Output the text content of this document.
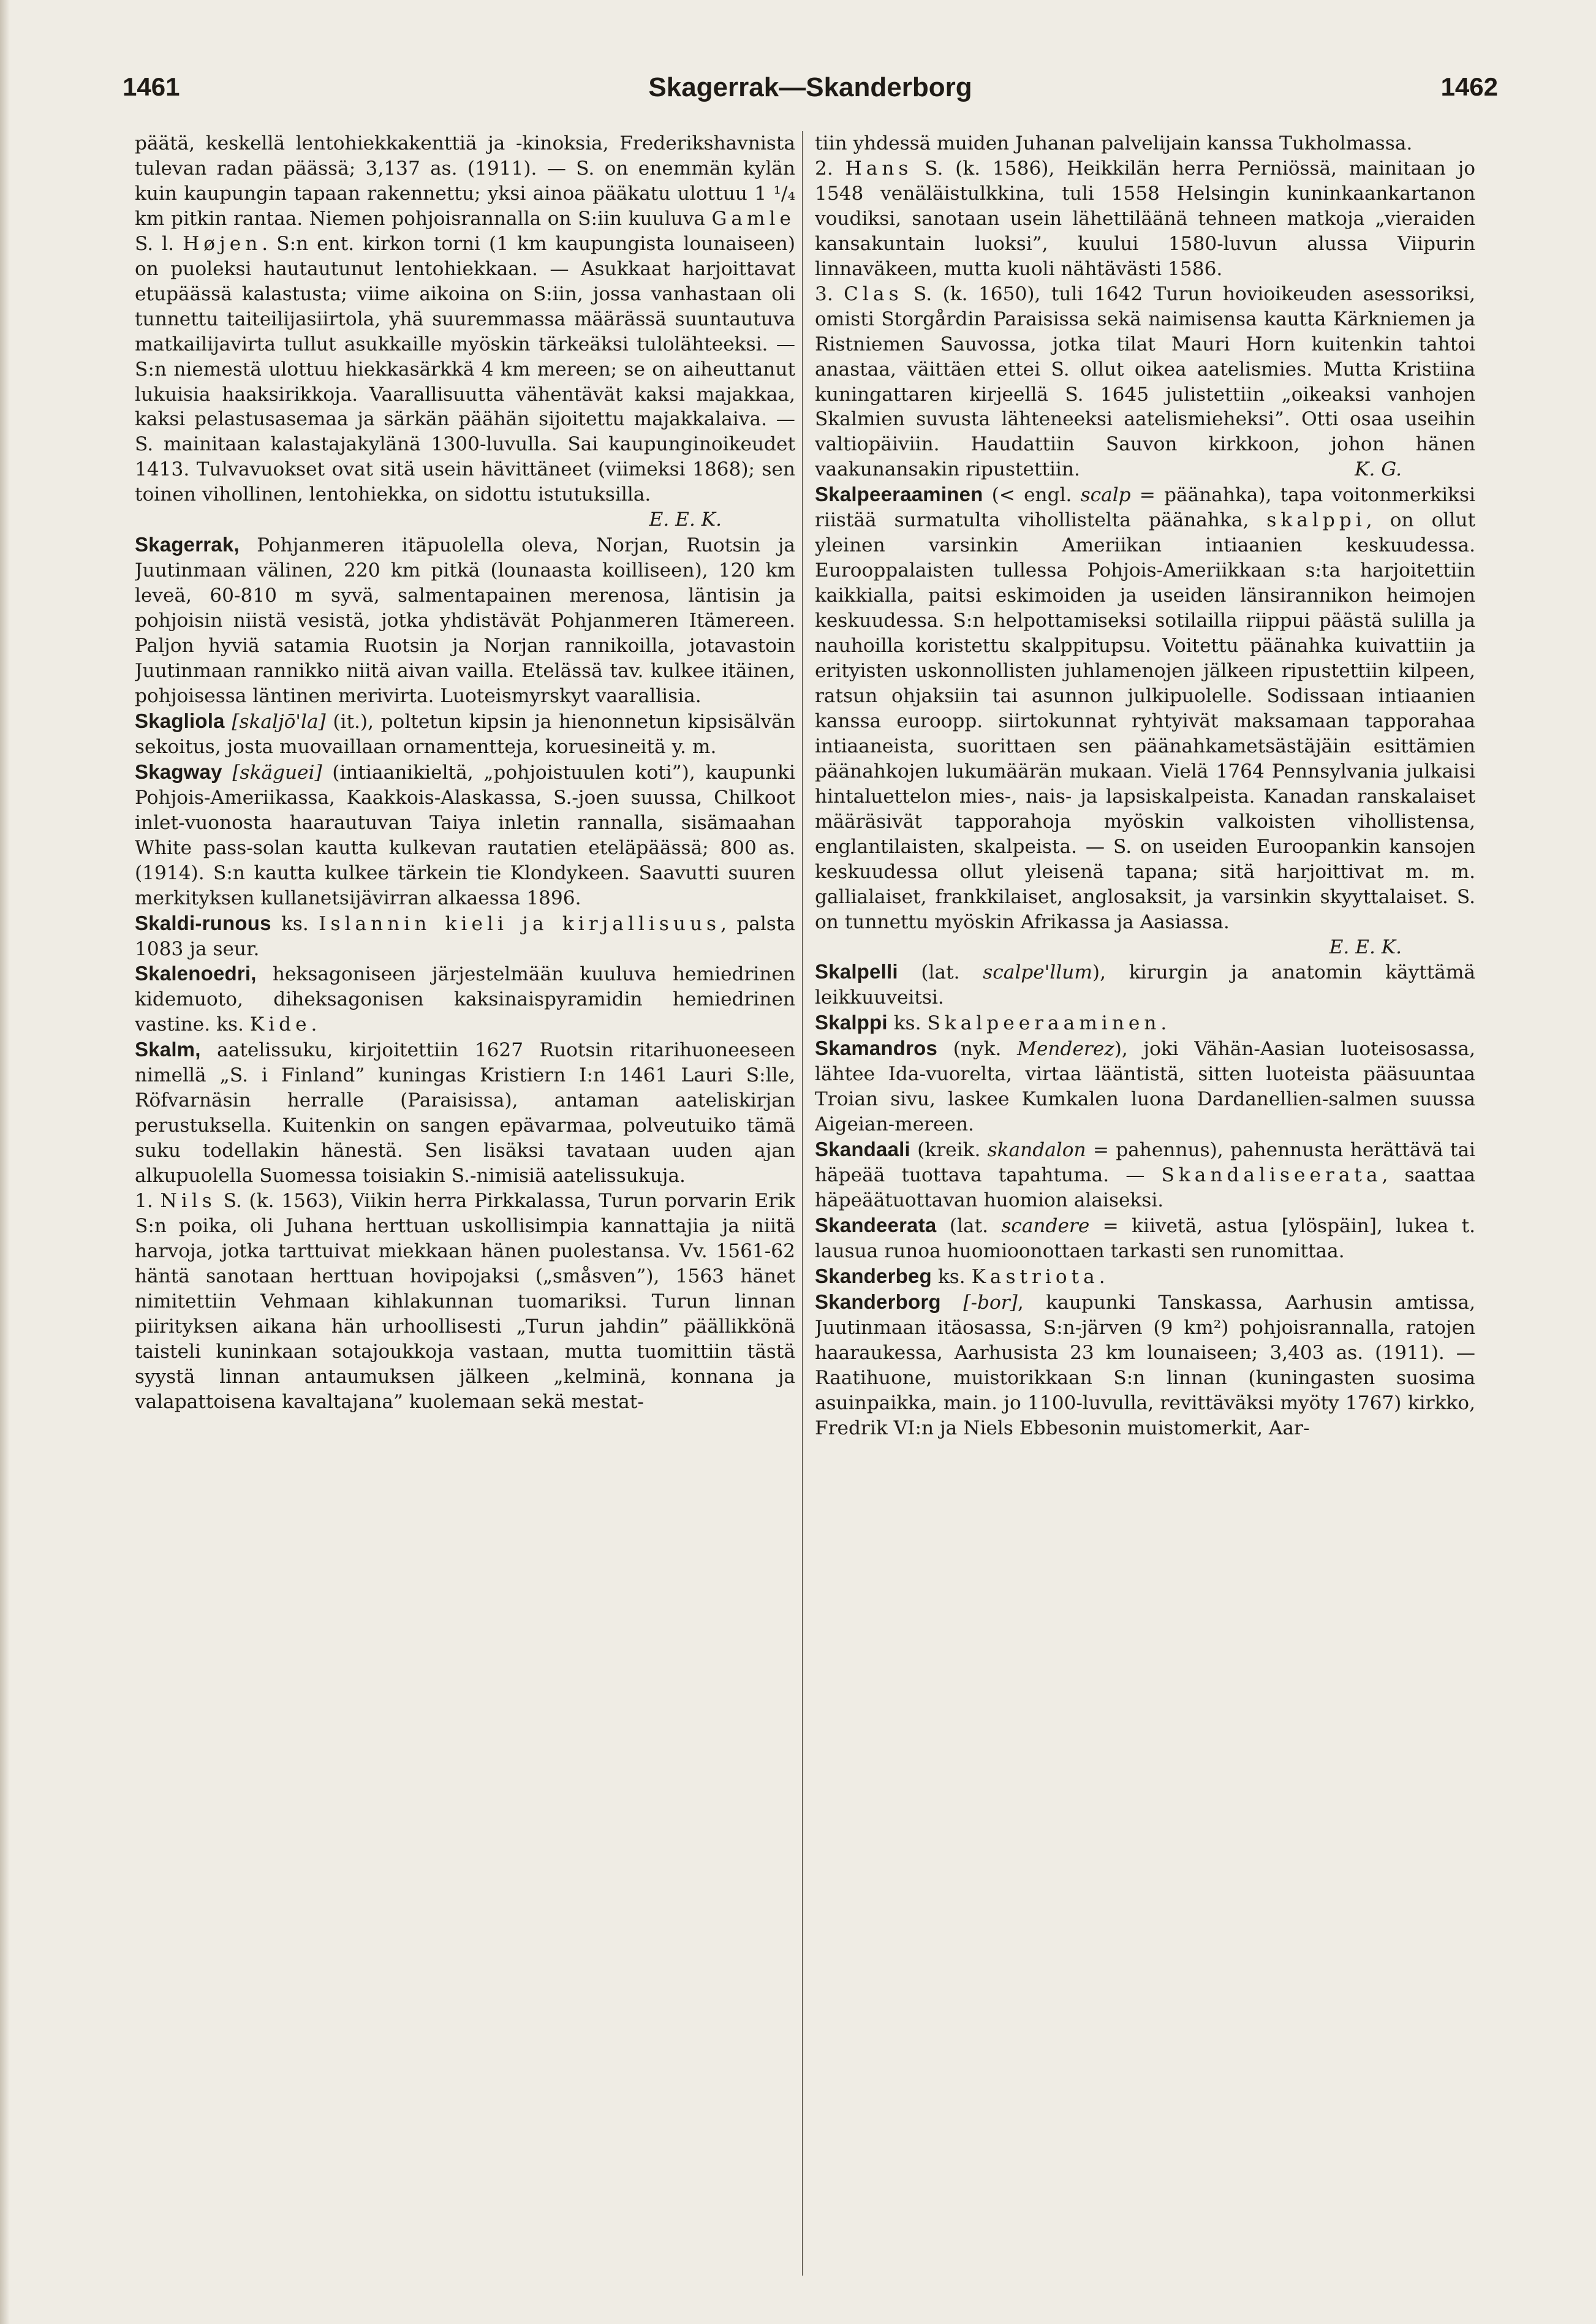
1461	Skagerrak—Skanderborg	1462

päätä, keskellä lentohiekkakenttiä ja -kinoksia, Frederikshavnista tulevan radan päässä; 3,137 as. (1911). — S. on enemmän kylän kuin kaupungin tapaan rakennettu; yksi ainoa pääkatu ulottuu 1 ¹/₄ km pitkin rantaa. Niemen pohjoisrannalla on S:iin kuuluva Gamle S. l. Højen. S:n ent. kirkon torni (1 km kaupungista lounaiseen) on puoleksi hautautunut lentohiekkaan. — Asukkaat harjoittavat etupäässä kalastusta; viime aikoina on S:iin, jossa vanhastaan oli tunnettu taiteilijasiirtola, yhä suuremmassa määrässä suuntautuva matkailijavirta tullut asukkaille myöskin tärkeäksi tulolähteeksi. — S:n niemestä ulottuu hiekkasärkkä 4 km mereen; se on aiheuttanut lukuisia haaksirikkoja. Vaarallisuutta vähentävät kaksi majakkaa, kaksi pelastusasemaa ja särkän päähän sijoitettu majakkalaiva. — S. mainitaan kalastajakylänä 1300-luvulla. Sai kaupunginoikeudet 1413. Tulvavuokset ovat sitä usein hävittäneet (viimeksi 1868); sen toinen vihollinen, lentohiekka, on sidottu istutuksilla.

E. E. K.

Skagerrak, Pohjanmeren itäpuolella oleva, Norjan, Ruotsin ja Juutinmaan välinen, 220 km pitkä (lounaasta koilliseen), 120 km leveä, 60-810 m syvä, salmentapainen merenosa, läntisin ja pohjoisin niistä vesistä, jotka yhdistävät Pohjanmeren Itämereen. Paljon hyviä satamia Ruotsin ja Norjan rannikoilla, jotavastoin Juutinmaan rannikko niitä aivan vailla. Etelässä tav. kulkee itäinen, pohjoisessa läntinen merivirta. Luoteismyrskyt vaarallisia.

Skagliola [skaljō'la] (it.), poltetun kipsin ja hienonnetun kipsisälvän sekoitus, josta muovaillaan ornamentteja, koruesineitä y. m.

Skagway [skäguei] (intiaanikieltä, „pohjoistuulen koti”), kaupunki Pohjois-Ameriikassa, Kaakkois-Alaskassa, S.-joen suussa, Chilkoot inlet-vuonosta haarautuvan Taiya inletin rannalla, sisämaahan White pass-solan kautta kulkevan rautatien eteläpäässä; 800 as. (1914). S:n kautta kulkee tärkein tie Klondykeen. Saavutti suuren merkityksen kullanetsijävirran alkaessa 1896.

Skaldi-runous ks. Islannin kieli ja kirjallisuus, palsta 1083 ja seur.

Skalenoedri, heksagoniseen järjestelmään kuuluva hemiedrinen kidemuoto, diheksagonisen kaksinaispyramidin hemiedrinen vastine. ks. Kide.

Skalm, aatelissuku, kirjoitettiin 1627 Ruotsin ritarihuoneeseen nimellä „S. i Finland” kuningas Kristiern I:n 1461 Lauri S:lle, Röfvarnäsin herralle (Paraisissa), antaman aateliskirjan perustuksella. Kuitenkin on sangen epävarmaa, polveutuiko tämä suku todellakin hänestä. Sen lisäksi tavataan uuden ajan alkupuolella Suomessa toisiakin S.-nimisiä aatelissukuja.

1. Nils S. (k. 1563), Viikin herra Pirkkalassa, Turun porvarin Erik S:n poika, oli Juhana herttuan uskollisimpia kannattajia ja niitä harvoja, jotka tarttuivat miekkaan hänen puolestansa. Vv. 1561-62 häntä sanotaan herttuan hovipojaksi („småsven”), 1563 hänet nimitettiin Vehmaan kihlakunnan tuomariksi. Turun linnan piirityksen aikana hän urhoollisesti „Turun jahdin” päällikkönä taisteli kuninkaan sotajoukkoja vastaan, mutta tuomittiin tästä syystä linnan antaumuksen jälkeen „kelminä, konnana ja valapattoisena kavaltajana” kuolemaan sekä mestat-

tiin yhdessä muiden Juhanan palvelijain kanssa Tukholmassa.

2. Hans S. (k. 1586), Heikkilän herra Perniössä, mainitaan jo 1548 venäläistulkkina, tuli 1558 Helsingin kuninkaankartanon voudiksi, sanotaan usein lähettiläänä tehneen matkoja „vieraiden kansakuntain luoksi”, kuului 1580-luvun alussa Viipurin linnaväkeen, mutta kuoli nähtävästi 1586.

3. Clas S. (k. 1650), tuli 1642 Turun hovioikeuden asessoriksi, omisti Storgårdin Paraisissa sekä naimisensa kautta Kärkniemen ja Ristniemen Sauvossa, jotka tilat Mauri Horn kuitenkin tahtoi anastaa, väittäen ettei S. ollut oikea aatelismies. Mutta Kristiina kuningattaren kirjeellä S. 1645 julistettiin „oikeaksi vanhojen Skalmien suvusta lähteneeksi aatelismieheksi”. Otti osaa useihin valtiopäiviin. Haudattiin Sauvon kirkkoon, johon hänen vaakunansakin ripustettiin.	K. G.

Skalpeeraaminen (< engl. scalp = päänahka), tapa voitonmerkiksi riistää surmatulta vihollistelta päänahka, skalppi, on ollut yleinen varsinkin Ameriikan intiaanien keskuudessa. Eurooppalaisten tullessa Pohjois-Ameriikkaan s:ta harjoitettiin kaikkialla, paitsi eskimoiden ja useiden länsirannikon heimojen keskuudessa. S:n helpottamiseksi sotilailla riippui päästä sulilla ja nauhoilla koristettu skalppitupsu. Voitettu päänahka kuivattiin ja erityisten uskonnollisten juhlamenojen jälkeen ripustettiin kilpeen, ratsun ohjaksiin tai asunnon julkipuolelle. Sodissaan intiaanien kanssa euroopp. siirtokunnat ryhtyivät maksamaan tapporahaa intiaaneista, suorittaen sen päänahkametsästäjäin esittämien päänahkojen lukumäärän mukaan. Vielä 1764 Pennsylvania julkaisi hintaluettelon mies-, nais- ja lapsiskalpeista. Kanadan ranskalaiset määräsivät tapporahoja myöskin valkoisten vihollistensa, englantilaisten, skalpeista. — S. on useiden Euroopankin kansojen keskuudessa ollut yleisenä tapana; sitä harjoittivat m. m. gallialaiset, frankkilaiset, anglosaksit, ja varsinkin skyyttalaiset. S. on tunnettu myöskin Afrikassa ja Aasiassa.

E. E. K.

Skalpelli (lat. scalpe'llum), kirurgin ja anatomin käyttämä leikkuuveitsi.

Skalppi ks. Skalpeeraaminen.

Skamandros (nyk. Menderez), joki Vähän-Aasian luoteisosassa, lähtee Ida-vuorelta, virtaa lääntistä, sitten luoteista pääsuuntaa Troian sivu, laskee Kumkalen luona Dardanellien-salmen suussa Aigeian-mereen.

Skandaali (kreik. skandalon = pahennus), pahennusta herättävä tai häpeää tuottava tapahtuma. — Skandaliseerata, saattaa häpeäätuottavan huomion alaiseksi.

Skandeerata (lat. scandere = kiivetä, astua [ylöspäin], lukea t. lausua runoa huomioonottaen tarkasti sen runomittaa.

Skanderbeg ks. Kastriota.

Skanderborg [-bor], kaupunki Tanskassa, Aarhusin amtissa, Juutinmaan itäosassa, S:n-järven (9 km²) pohjoisrannalla, ratojen haaraukessa, Aarhusista 23 km lounaiseen; 3,403 as. (1911). — Raatihuone, muistorikkaan S:n linnan (kuningasten suosima asuinpaikka, main. jo 1100-luvulla, revittäväksi myöty 1767) kirkko, Fredrik VI:n ja Niels Ebbesonin muistomerkit, Aar-
